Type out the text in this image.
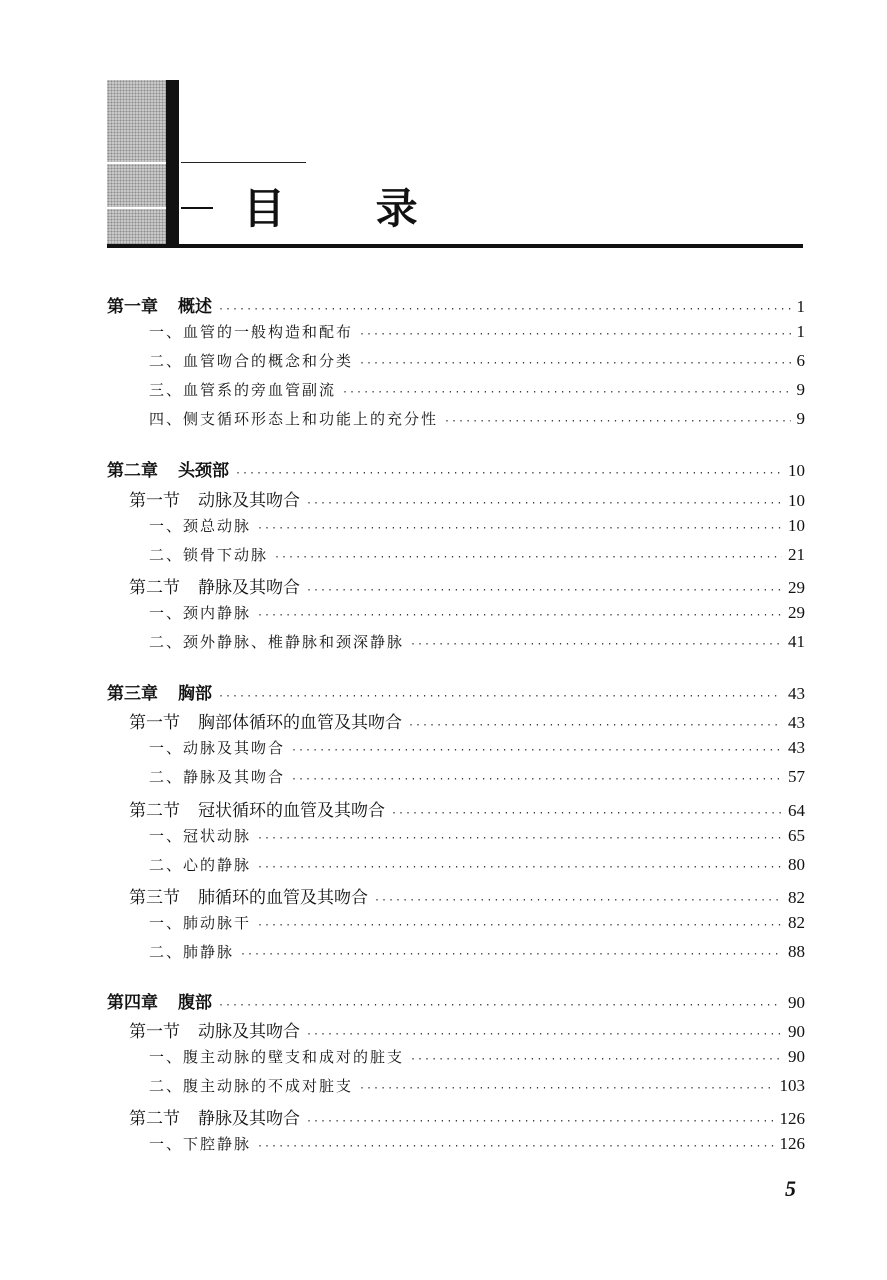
目 录
第一章 概述 ·····	1
一、血管的一般构造和配布 ·····	1
二、血管吻合的概念和分类 ·····	6
三、血管系的旁血管副流 ·····	9
四、侧支循环形态上和功能上的充分性 ·····	9
第二章 头颈部 ·····	10
第一节 动脉及其吻合 ·····	10
一、颈总动脉 ·····	10
二、锁骨下动脉 ·····	21
第二节 静脉及其吻合 ·····	29
一、颈内静脉 ·····	29
二、颈外静脉、椎静脉和颈深静脉 ·····	41
第三章 胸部 ·····	43
第一节 胸部体循环的血管及其吻合 ·····	43
一、动脉及其吻合 ·····	43
二、静脉及其吻合 ·····	57
第二节 冠状循环的血管及其吻合 ·····	64
一、冠状动脉 ·····	65
二、心的静脉 ·····	80
第三节 肺循环的血管及其吻合 ·····	82
一、肺动脉干 ·····	82
二、肺静脉 ·····	88
第四章 腹部 ·····	90
第一节 动脉及其吻合 ·····	90
一、腹主动脉的壁支和成对的脏支 ·····	90
二、腹主动脉的不成对脏支 ·····	103
第二节 静脉及其吻合 ·····	126
一、下腔静脉 ·····	126
5
